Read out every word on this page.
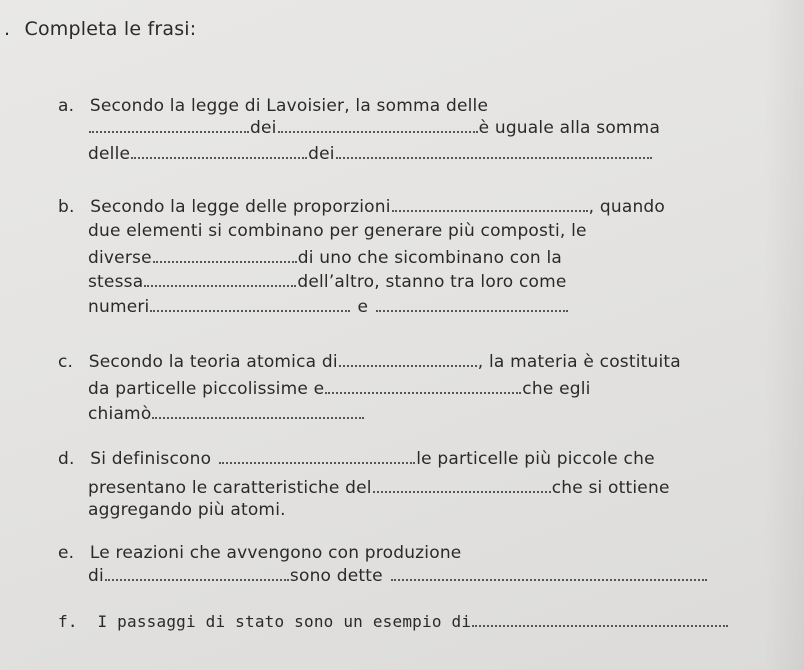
. Completa le frasi:
a. Secondo la legge di Lavoisier, la somma delle
dei	è uguale alla somma
delle	dei
b. Secondo la legge delle proporzioni	, quando
due elementi si combinano per generare più composti, le
diverse	di uno che sicombinano con la
stessa	dell’altro, stanno tra loro come
numeri	e
c. Secondo la teoria atomica di	, la materia è costituita
da particelle piccolissime e	che egli
chiamò
d. Si definiscono	le particelle più piccole che
presentano le caratteristiche del	che si ottiene
aggregando più atomi.
e. Le reazioni che avvengono con produzione
di	sono dette
f. I passaggi di stato sono un esempio di
